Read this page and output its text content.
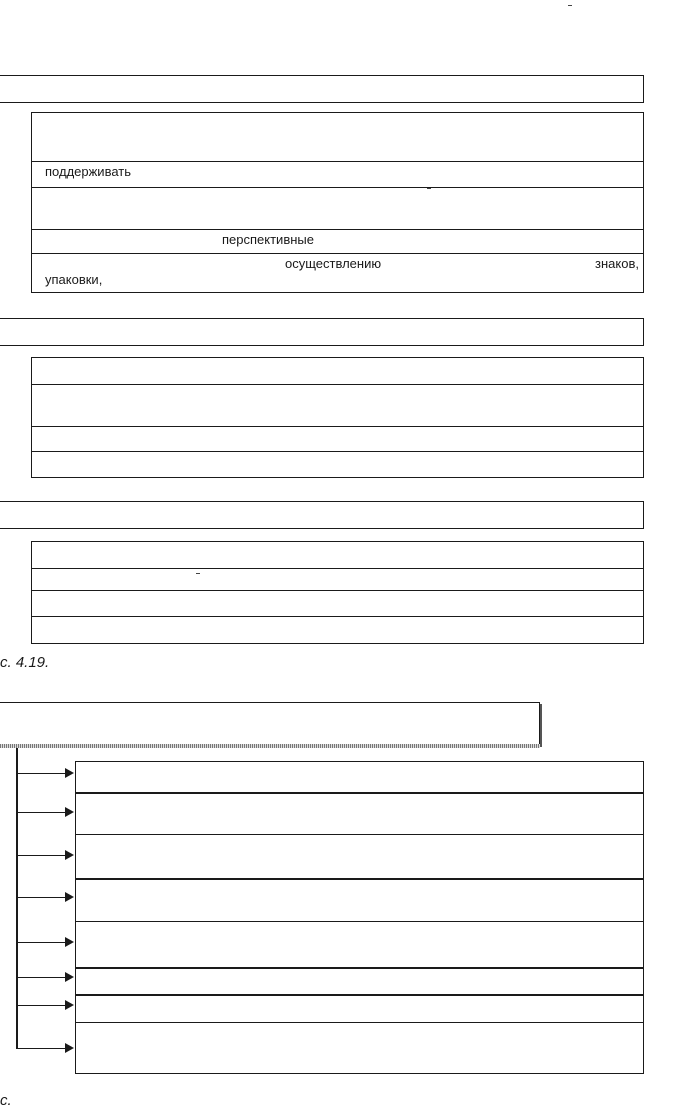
поддерживать
перспективные
осуществлению	знаков,
упаковки,
с. 4.19.
с.
